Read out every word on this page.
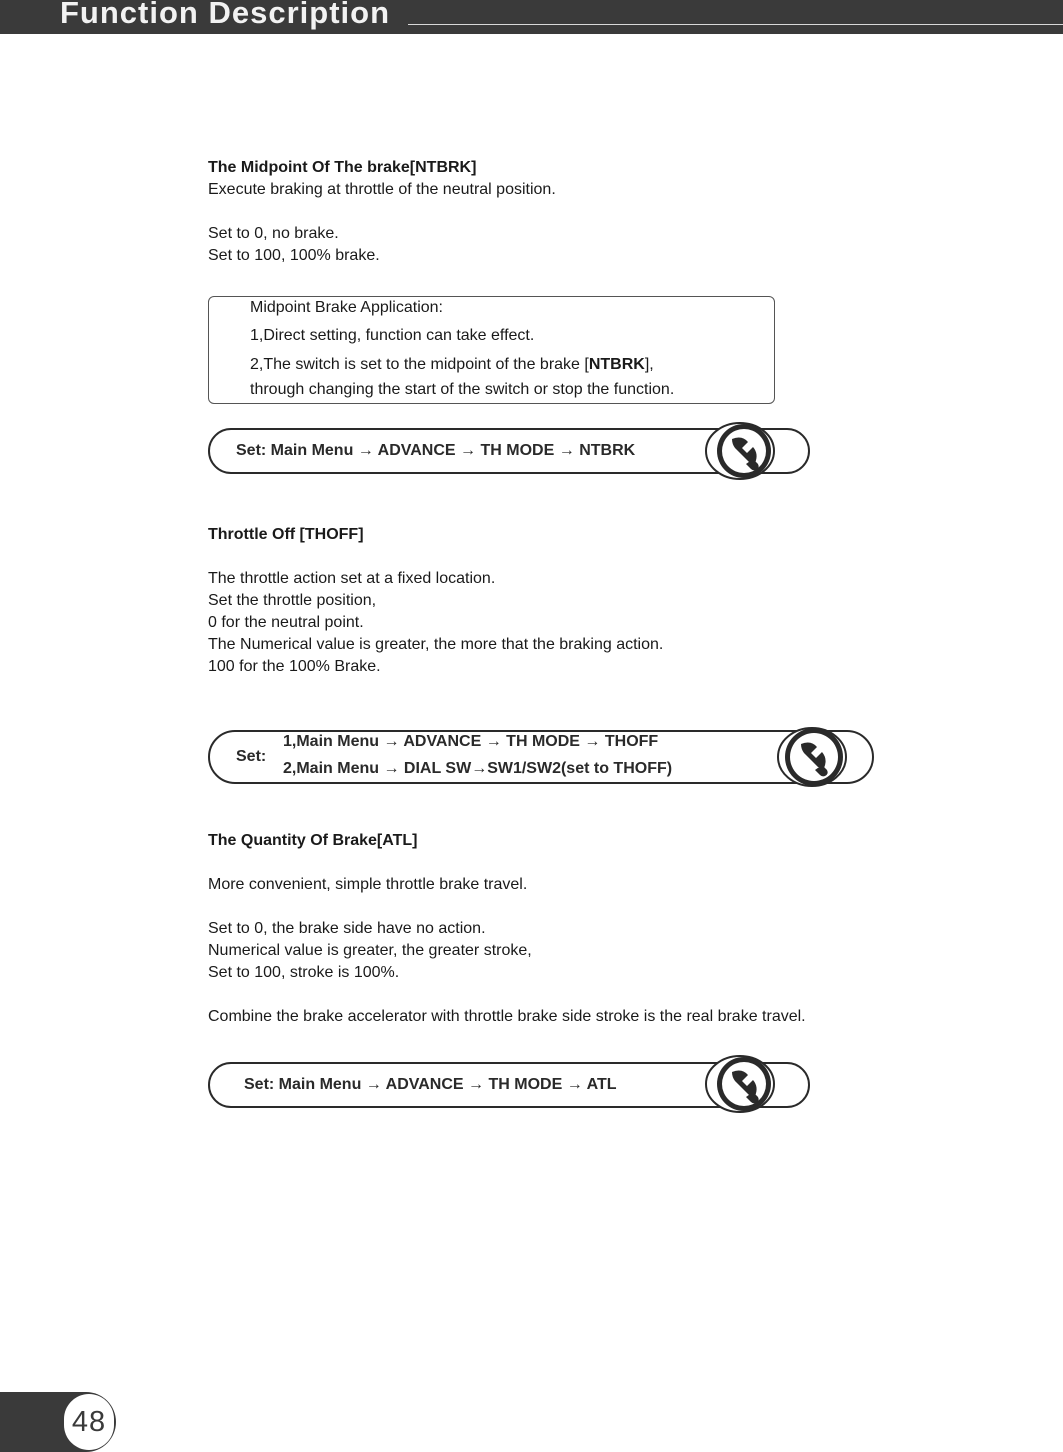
Function Description

The Midpoint Of The brake[NTBRK]

Execute braking at throttle of the neutral position.

Set to 0, no brake.

Set to 100, 100% brake.

Midpoint Brake Application:
1,Direct setting, function can take effect.
2,The switch is set to the midpoint of the brake [NTBRK],
through changing the start of the switch or stop the function.
Set: Main Menu → ADVANCE → TH MODE → NTBRK

Throttle Off [THOFF]

The throttle action set at a fixed location.

Set the throttle position,

0 for the neutral point.

The Numerical value is greater, the more that the braking action.

100 for the 100% Brake.

Set:
1,Main Menu → ADVANCE → TH MODE → THOFF
2,Main Menu → DIAL SW→SW1/SW2(set to THOFF)

The Quantity Of Brake[ATL]

More convenient, simple throttle brake travel.

Set to 0, the brake side have no action.

Numerical value is greater, the greater stroke,

Set to 100, stroke is 100%.

Combine the brake accelerator with throttle brake side stroke is the real brake travel.

Set: Main Menu → ADVANCE → TH MODE → ATL
48
